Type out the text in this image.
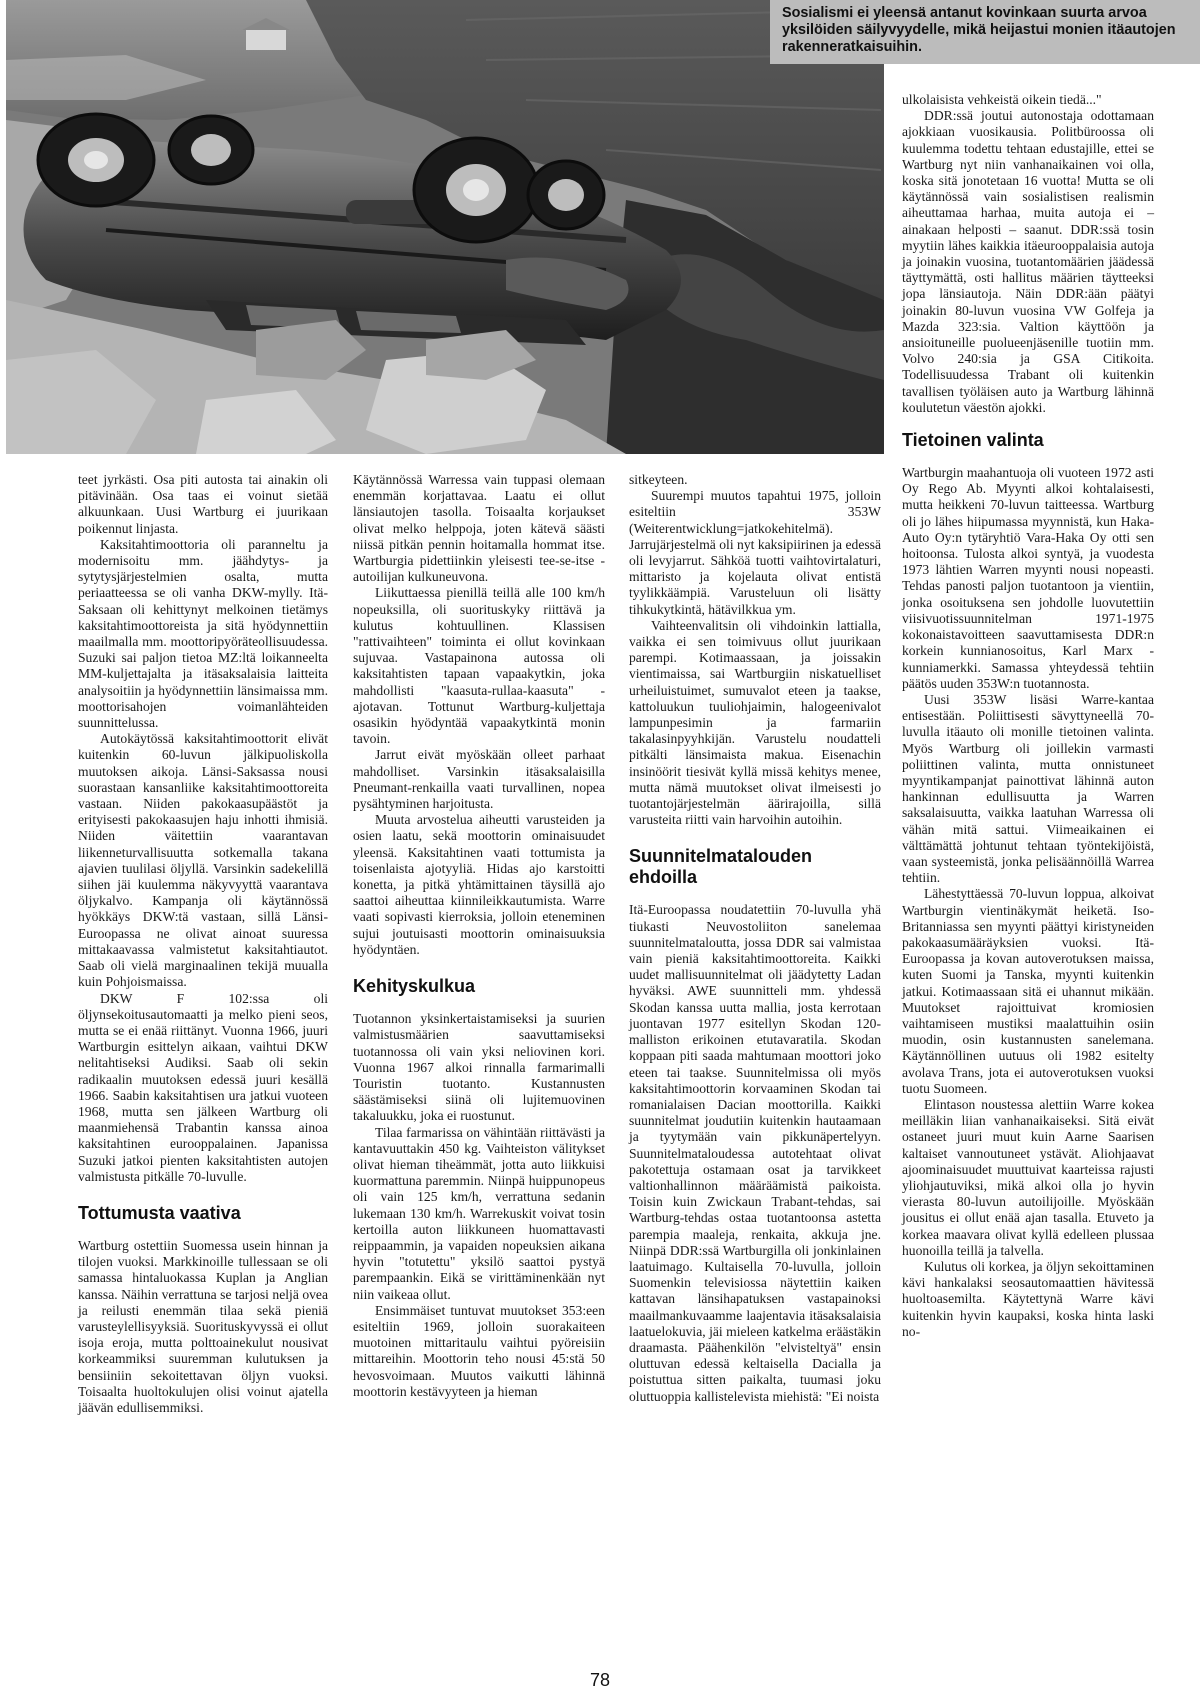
Sosialismi ei yleensä antanut kovinkaan suurta arvoa yksilöiden säilyvyydelle, mikä heijastui monien itäautojen rakenneratkaisuihin.

teet jyrkästi. Osa piti autosta tai ainakin oli pitävinään. Osa taas ei voinut sietää alkuunkaan. Uusi Wartburg ei juurikaan poikennut linjasta.

Kaksitahtimoottoria oli paranneltu ja modernisoitu mm. jäähdytys- ja sytytysjärjestelmien osalta, mutta periaatteessa se oli vanha DKW-mylly. Itä-Saksaan oli kehittynyt melkoinen tietämys kaksitahtimoottoreista ja sitä hyödynnettiin maailmalla mm. moottoripyöräteollisuudessa. Suzuki sai paljon tietoa MZ:ltä loikanneelta MM-kuljettajalta ja itäsaksalaisia laitteita analysoitiin ja hyödynnettiin länsimaissa mm. moottorisahojen voimanlähteiden suunnittelussa.

Autokäytössä kaksitahtimoottorit elivät kuitenkin 60-luvun jälkipuoliskolla muutoksen aikoja. Länsi-Saksassa nousi suorastaan kansanliike kaksitahtimoottoreita vastaan. Niiden pakokaasupäästöt ja erityisesti pakokaasujen haju inhotti ihmisiä. Niiden väitettiin vaarantavan liikenneturvallisuutta sotkemalla takana ajavien tuulilasi öljyllä. Varsinkin sadekelillä siihen jäi kuulemma näkyvyyttä vaarantava öljykalvo. Kampanja oli käytännössä hyökkäys DKW:tä vastaan, sillä Länsi-Euroopassa ne olivat ainoat suuressa mittakaavassa valmistetut kaksitahtiautot. Saab oli vielä marginaalinen tekijä muualla kuin Pohjoismaissa.

DKW F 102:ssa oli öljynsekoitusautomaatti ja melko pieni seos, mutta se ei enää riittänyt. Vuonna 1966, juuri Wartburgin esittelyn aikaan, vaihtui DKW nelitahtiseksi Audiksi. Saab oli sekin radikaalin muutoksen edessä juuri kesällä 1966. Saabin kaksitahtisen ura jatkui vuoteen 1968, mutta sen jälkeen Wartburg oli maanmiehensä Trabantin kanssa ainoa kaksitahtinen eurooppalainen. Japanissa Suzuki jatkoi pienten kaksitahtisten autojen valmistusta pitkälle 70-luvulle.

Tottumusta vaativa

Wartburg ostettiin Suomessa usein hinnan ja tilojen vuoksi. Markkinoille tullessaan se oli samassa hintaluokassa Kuplan ja Anglian kanssa. Näihin verrattuna se tarjosi neljä ovea ja reilusti enemmän tilaa sekä pieniä varusteylellisyyksiä. Suorituskyvyssä ei ollut isoja eroja, mutta polttoainekulut nousivat korkeammiksi suuremman kulutuksen ja bensiiniin sekoitettavan öljyn vuoksi. Toisaalta huoltokulujen olisi voinut ajatella jäävän edullisemmiksi.

Käytännössä Warressa vain tuppasi olemaan enemmän korjattavaa. Laatu ei ollut länsiautojen tasolla. Toisaalta korjaukset olivat melko helppoja, joten kätevä säästi niissä pitkän pennin hoitamalla hommat itse. Wartburgia pidettiinkin yleisesti tee-se-itse -autoilijan kulkuneuvona.

Liikuttaessa pienillä teillä alle 100 km/h nopeuksilla, oli suorituskyky riittävä ja kulutus kohtuullinen. Klassisen "rattivaihteen" toiminta ei ollut kovinkaan sujuvaa. Vastapainona autossa oli kaksitahtisten tapaan vapaakytkin, joka mahdollisti "kaasuta-rullaa-kaasuta" -ajotavan. Tottunut Wartburg-kuljettaja osasikin hyödyntää vapaakytkintä monin tavoin.

Jarrut eivät myöskään olleet parhaat mahdolliset. Varsinkin itäsaksalaisilla Pneumant-renkailla vaati turvallinen, nopea pysähtyminen harjoitusta.

Muuta arvostelua aiheutti varusteiden ja osien laatu, sekä moottorin ominaisuudet yleensä. Kaksitahtinen vaati tottumista ja toisenlaista ajotyyliä. Hidas ajo karstoitti konetta, ja pitkä yhtämittainen täysillä ajo saattoi aiheuttaa kiinnileikkautumista. Warre vaati sopivasti kierroksia, jolloin eteneminen sujui joutuisasti moottorin ominaisuuksia hyödyntäen.

Kehityskulkua

Tuotannon yksinkertaistamiseksi ja suurien valmistusmäärien saavuttamiseksi tuotannossa oli vain yksi neliovinen kori. Vuonna 1967 alkoi rinnalla farmarimalli Touristin tuotanto. Kustannusten säästämiseksi siinä oli lujitemuovinen takaluukku, joka ei ruostunut.

Tilaa farmarissa on vähintään riittävästi ja kantavuuttakin 450 kg. Vaihteiston välitykset olivat hieman tiheämmät, jotta auto liikkuisi kuormattuna paremmin. Niinpä huippunopeus oli vain 125 km/h, verrattuna sedanin lukemaan 130 km/h. Warrekuskit voivat tosin kertoilla auton liikkuneen huomattavasti reippaammin, ja vapaiden nopeuksien aikana hyvin "totutettu" yksilö saattoi pystyä parempaankin. Eikä se virittäminenkään nyt niin vaikeaa ollut.

Ensimmäiset tuntuvat muutokset 353:een esiteltiin 1969, jolloin suorakaiteen muotoinen mittaritaulu vaihtui pyöreisiin mittareihin. Moottorin teho nousi 45:stä 50 hevosvoimaan. Muutos vaikutti lähinnä moottorin kestävyyteen ja hieman

sitkeyteen.

Suurempi muutos tapahtui 1975, jolloin esiteltiin 353W (Weiterentwicklung=jatkokehitelmä). Jarrujärjestelmä oli nyt kaksipiirinen ja edessä oli levyjarrut. Sähköä tuotti vaihtovirtalaturi, mittaristo ja kojelauta olivat entistä tyylikkäämpiä. Varusteluun oli lisätty tihkukytkintä, hätävilkkua ym.

Vaihteenvalitsin oli vihdoinkin lattialla, vaikka ei sen toimivuus ollut juurikaan parempi. Kotimaassaan, ja joissakin vientimaissa, sai Wartburgiin niskatuelliset urheiluistuimet, sumuvalot eteen ja taakse, kattoluukun tuuliohjaimin, halogeenivalot lampunpesimin ja farmariin takalasinpyyhkijän. Varustelu noudatteli pitkälti länsimaista makua. Eisenachin insinöörit tiesivät kyllä missä kehitys menee, mutta nämä muutokset olivat ilmeisesti jo tuotantojärjestelmän äärirajoilla, sillä varusteita riitti vain harvoihin autoihin.

Suunnitelmatalouden ehdoilla

Itä-Euroopassa noudatettiin 70-luvulla yhä tiukasti Neuvostoliiton sanelemaa suunnitelmataloutta, jossa DDR sai valmistaa vain pieniä kaksitahtimoottoreita. Kaikki uudet mallisuunnitelmat oli jäädytetty Ladan hyväksi. AWE suunnitteli mm. yhdessä Skodan kanssa uutta mallia, josta kerrotaan juontavan 1977 esitellyn Skodan 120-malliston erikoinen etutavaratila. Skodan koppaan piti saada mahtumaan moottori joko eteen tai taakse. Suunnitelmissa oli myös kaksitahtimoottorin korvaaminen Skodan tai romanialaisen Dacian moottorilla. Kaikki suunnitelmat joudutiin kuitenkin hautaamaan ja tyytymään vain pikkunäpertelyyn. Suunnitelmataloudessa autotehtaat olivat pakotettuja ostamaan osat ja tarvikkeet valtionhallinnon määräämistä paikoista. Toisin kuin Zwickaun Trabant-tehdas, sai Wartburg-tehdas ostaa tuotantoonsa astetta parempia maaleja, renkaita, akkuja jne. Niinpä DDR:ssä Wartburgilla oli jonkinlainen laatuimago. Kultaisella 70-luvulla, jolloin Suomenkin televisiossa näytettiin kaiken kattavan länsihapatuksen vastapainoksi maailmankuvaamme laajentavia itäsaksalaisia laatuelokuvia, jäi mieleen katkelma eräästäkin draamasta. Päähenkilön "elvisteltyä" ensin oluttuvan edessä keltaisella Dacialla ja poistuttua sitten paikalta, tuumasi joku oluttuoppia kallistelevista miehistä: "Ei noista

ulkolaisista vehkeistä oikein tiedä..."

DDR:ssä joutui autonostaja odottamaan ajokkiaan vuosikausia. Politbüroossa oli kuulemma todettu tehtaan edustajille, ettei se Wartburg nyt niin vanhanaikainen voi olla, koska sitä jonotetaan 16 vuotta! Mutta se oli käytännössä vain sosialistisen realismin aiheuttamaa harhaa, muita autoja ei – ainakaan helposti – saanut. DDR:ssä tosin myytiin lähes kaikkia itäeurooppalaisia autoja ja joinakin vuosina, tuotantomäärien jäädessä täyttymättä, osti hallitus määrien täytteeksi jopa länsiautoja. Näin DDR:ään päätyi joinakin 80-luvun vuosina VW Golfeja ja Mazda 323:sia. Valtion käyttöön ja ansioituneille puolueenjäsenille tuotiin mm. Volvo 240:sia ja GSA Citikoita. Todellisuudessa Trabant oli kuitenkin tavallisen työläisen auto ja Wartburg lähinnä koulutetun väestön ajokki.

Tietoinen valinta

Wartburgin maahantuoja oli vuoteen 1972 asti Oy Rego Ab. Myynti alkoi kohtalaisesti, mutta heikkeni 70-luvun taitteessa. Wartburg oli jo lähes hiipumassa myynnistä, kun Haka-Auto Oy:n tytäryhtiö Vara-Haka Oy otti sen hoitoonsa. Tulosta alkoi syntyä, ja vuodesta 1973 lähtien Warren myynti nousi nopeasti. Tehdas panosti paljon tuotantoon ja vientiin, jonka osoituksena sen johdolle luovutettiin viisivuotissuunnitelman 1971-1975 kokonaistavoitteen saavuttamisesta DDR:n korkein kunnianosoitus, Karl Marx -kunniamerkki. Samassa yhteydessä tehtiin päätös uuden 353W:n tuotannosta.

Uusi 353W lisäsi Warre-kantaa entisestään. Poliittisesti sävyttyneellä 70-luvulla itäauto oli monille tietoinen valinta. Myös Wartburg oli joillekin varmasti poliittinen valinta, mutta onnistuneet myyntikampanjat painottivat lähinnä auton hankinnan edullisuutta ja Warren saksalaisuutta, vaikka laatuhan Warressa oli vähän mitä sattui. Viimeaikainen ei välttämättä johtunut tehtaan työntekijöistä, vaan systeemistä, jonka pelisäännöillä Warrea tehtiin.

Lähestyttäessä 70-luvun loppua, alkoivat Wartburgin vientinäkymät heiketä. Iso-Britanniassa sen myynti päättyi kiristyneiden pakokaasumääräyksien vuoksi. Itä-Euroopassa ja kovan autoverotuksen maissa, kuten Suomi ja Tanska, myynti kuitenkin jatkui. Kotimaassaan sitä ei uhannut mikään. Muutokset rajoittuivat kromiosien vaihtamiseen mustiksi maalattuihin osiin muodin, osin kustannusten sanelemana. Käytännöllinen uutuus oli 1982 esitelty avolava Trans, jota ei autoverotuksen vuoksi tuotu Suomeen.

Elintason noustessa alettiin Warre kokea meilläkin liian vanhanaikaiseksi. Sitä eivät ostaneet juuri muut kuin Aarne Saarisen kaltaiset vannoutuneet ystävät. Aliohjaavat ajoominaisuudet muuttuivat kaarteissa rajusti yliohjautuviksi, mikä alkoi olla jo hyvin vierasta 80-luvun autoilijoille. Myöskään jousitus ei ollut enää ajan tasalla. Etuveto ja korkea maavara olivat kyllä edelleen plussaa huonoilla teillä ja talvella.

Kulutus oli korkea, ja öljyn sekoittaminen kävi hankalaksi seosautomaattien hävitessä huoltoasemilta. Käytettynä Warre kävi kuitenkin hyvin kaupaksi, koska hinta laski no-

78
